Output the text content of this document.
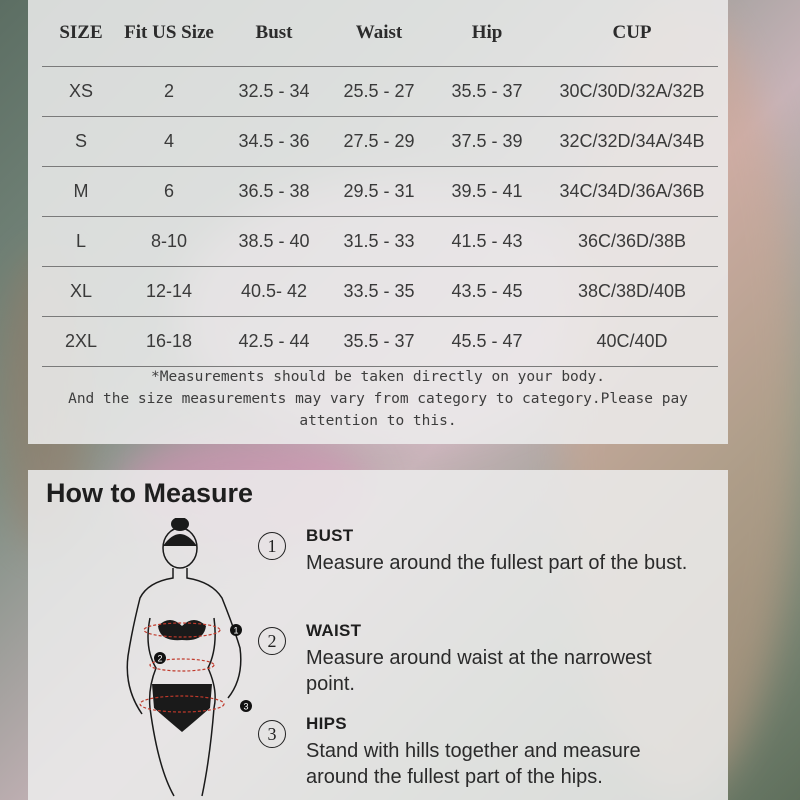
SIZE	Fit US Size	Bust	Waist	Hip	CUP
XS	2	32.5 - 34	25.5 - 27	35.5 - 37	30C/30D/32A/32B
S	4	34.5 - 36	27.5 - 29	37.5 - 39	32C/32D/34A/34B
M	6	36.5 - 38	29.5 - 31	39.5 - 41	34C/34D/36A/36B
L	8-10	38.5 - 40	31.5 - 33	41.5 - 43	36C/36D/38B
XL	12-14	40.5- 42	33.5 - 35	43.5 - 45	38C/38D/40B
2XL	16-18	42.5 - 44	35.5 - 37	45.5 - 47	40C/40D
*Measurements should be taken directly on your body.
And the size measurements may vary from category to category.Please pay attention to this.
How to Measure
1
2
3
1
BUST
Measure around the fullest part of the bust.
2
WAIST
Measure around waist at the narrowest point.
3
HIPS
Stand with hills together and measure around the fullest part of the hips.
